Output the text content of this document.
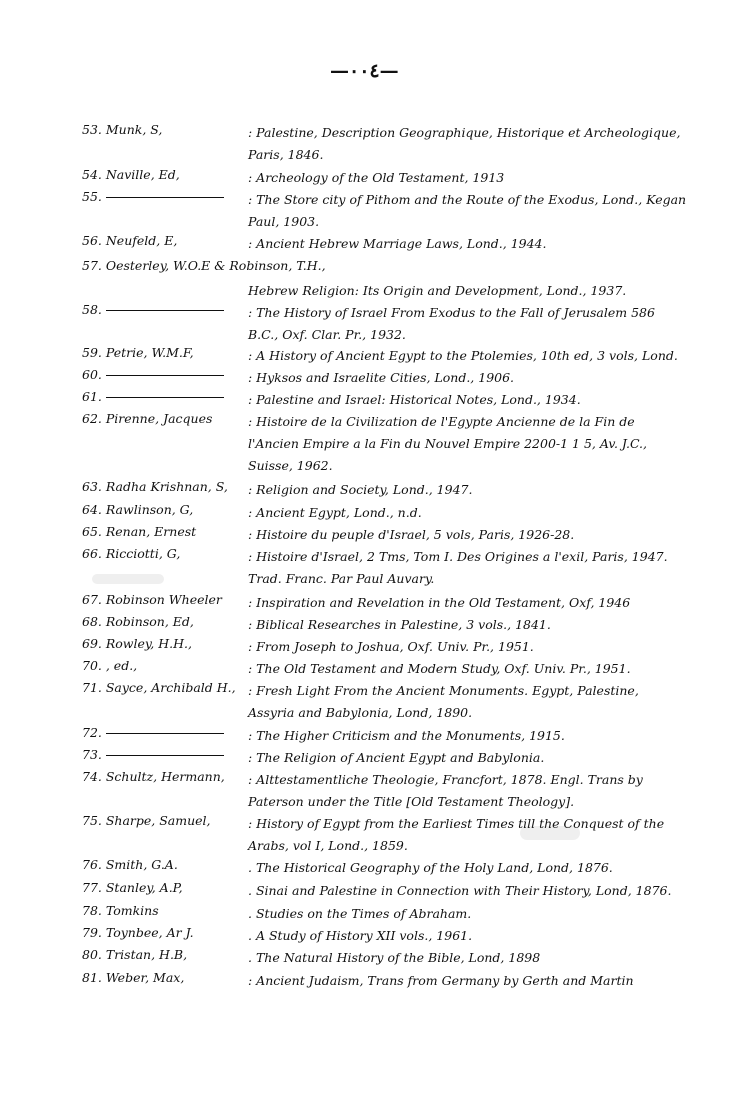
—٠٠٤—
53. Munk, S,	: Palestine, Description Geographique, Historique et Archeologique, Paris, 1846.
54. Naville, Ed,	: Archeology of the Old Testament, 1913
55.	: The Store city of Pithom and the Route of the Exodus, Lond., Kegan Paul, 1903.
56. Neufeld, E,	: Ancient Hebrew Marriage Laws, Lond., 1944.
57. Oesterley, W.O.E & Robinson, T.H.,
Hebrew Religion: Its Origin and Development, Lond., 1937.
58.	: The History of Israel From Exodus to the Fall of Jerusalem 586 B.C., Oxf. Clar. Pr., 1932.
59. Petrie, W.M.F,	: A History of Ancient Egypt to the Ptolemies, 10th ed, 3 vols, Lond.
60.	: Hyksos and Israelite Cities, Lond., 1906.
61.	: Palestine and Israel: Historical Notes, Lond., 1934.
62. Pirenne, Jacques	: Histoire de la Civilization de l'Egypte Ancienne de la Fin de l'Ancien Empire a la Fin du Nouvel Empire 2200-1 1 5, Av. J.C., Suisse, 1962.
63. Radha Krishnan, S,	: Religion and Society, Lond., 1947.
64. Rawlinson, G,	: Ancient Egypt, Lond., n.d.
65. Renan, Ernest	: Histoire du peuple d'Israel, 5 vols, Paris, 1926-28.
66. Ricciotti, G,	: Histoire d'Israel, 2 Tms, Tom I. Des Origines a l'exil, Paris, 1947. Trad. Franc. Par Paul Auvary.
67. Robinson Wheeler	: Inspiration and Revelation in the Old Testament, Oxf, 1946
68. Robinson, Ed,	: Biblical Researches in Palestine, 3 vols., 1841.
69. Rowley, H.H.,	: From Joseph to Joshua, Oxf. Univ. Pr., 1951.
70. , ed.,	: The Old Testament and Modern Study, Oxf. Univ. Pr., 1951.
71. Sayce, Archibald H., : Fresh Light From the Ancient Monuments. Egypt, Palestine, Assyria and Babylonia, Lond, 1890.
72.	: The Higher Criticism and the Monuments, 1915.
73.	: The Religion of Ancient Egypt and Babylonia.
74. Schultz, Hermann,	: Alttestamentliche Theologie, Francfort, 1878. Engl. Trans by Paterson under the Title [Old Testament Theology].
75. Sharpe, Samuel,	: History of Egypt from the Earliest Times till the Conquest of the Arabs, vol I, Lond., 1859.
76. Smith, G.A.	. The Historical Geography of the Holy Land, Lond, 1876.
77. Stanley, A.P,	. Sinai and Palestine in Connection with Their History, Lond, 1876.
78. Tomkins	. Studies on the Times of Abraham.
79. Toynbee, Ar J.	. A Study of History XII vols., 1961.
80. Tristan, H.B,	. The Natural History of the Bible, Lond, 1898
81. Weber, Max,	: Ancient Judaism, Trans from Germany by Gerth and Martin
